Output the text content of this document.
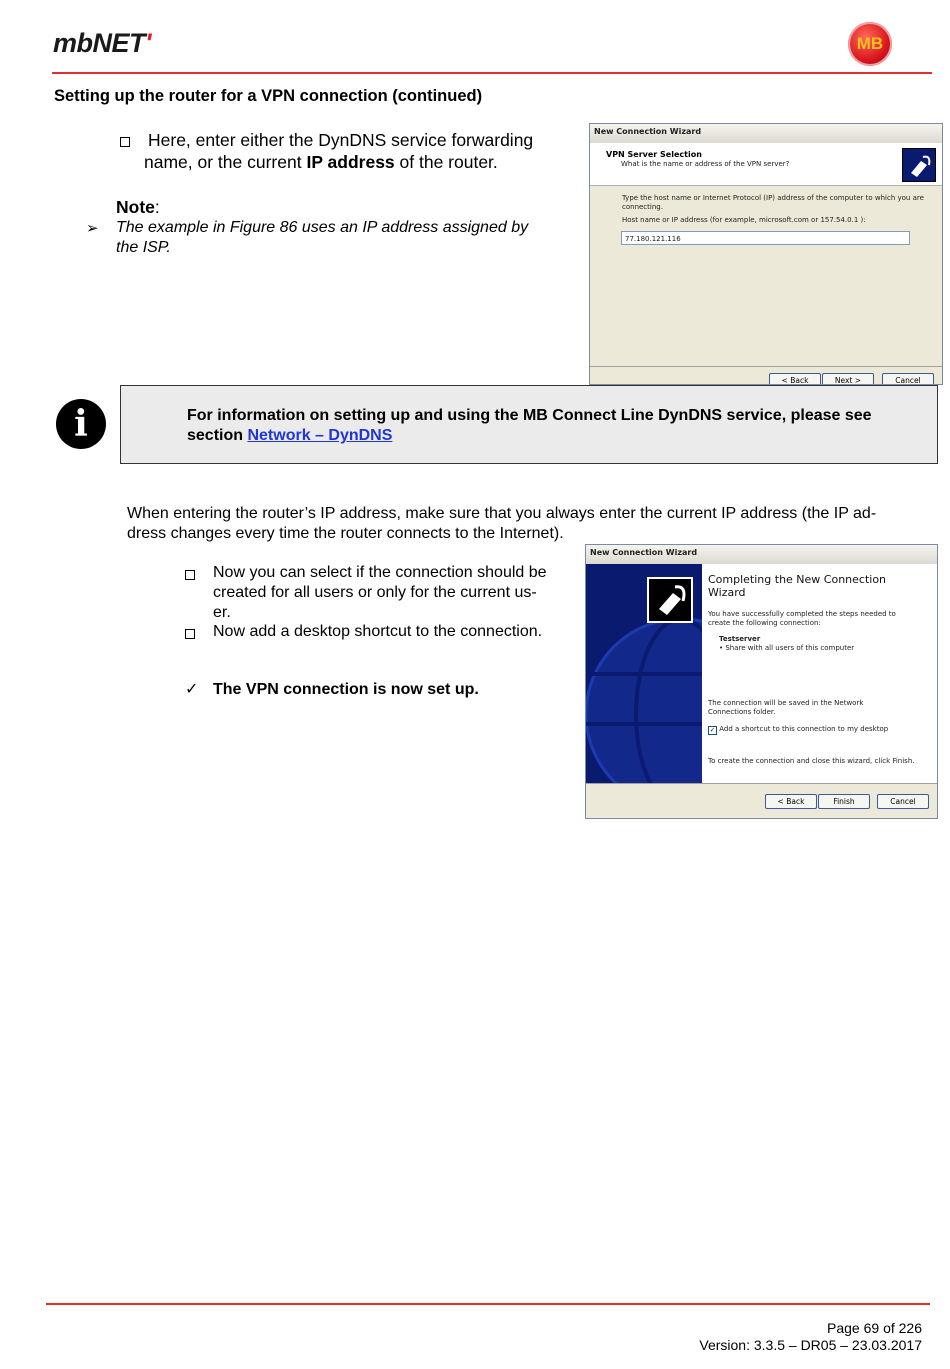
mbNET'	MB
Setting up the router for a VPN connection (continued)
Here, enter either the DynDNS service forwarding
name, or the current IP address of the router.
Note:
➢ The example in Figure 86 uses an IP address assigned by
the ISP.
New Connection Wizard
VPN Server Selection
What is the name or address of the VPN server?
Type the host name or Internet Protocol (IP) address of the computer to which you are
connecting.
Host name or IP address (for example, microsoft.com or 157.54.0.1 ):
77.180.121.116
< Back	Next >	Cancel
i	For information on setting up and using the MB Connect Line DynDNS service, please see
section Network – DynDNS
When entering the router’s IP address, make sure that you always enter the current IP address (the IP ad-
dress changes every time the router connects to the Internet).
Now you can select if the connection should be
created for all users or only for the current us-
er.
Now add a desktop shortcut to the connection.
✓ The VPN connection is now set up.
New Connection Wizard
Completing the New Connection
Wizard
You have successfully completed the steps needed to
create the following connection:
Testserver
• Share with all users of this computer
The connection will be saved in the Network
Connections folder.
✓ Add a shortcut to this connection to my desktop
To create the connection and close this wizard, click Finish.
< Back	Finish	Cancel
Page 69 of 226
Version: 3.3.5 – DR05 – 23.03.2017
